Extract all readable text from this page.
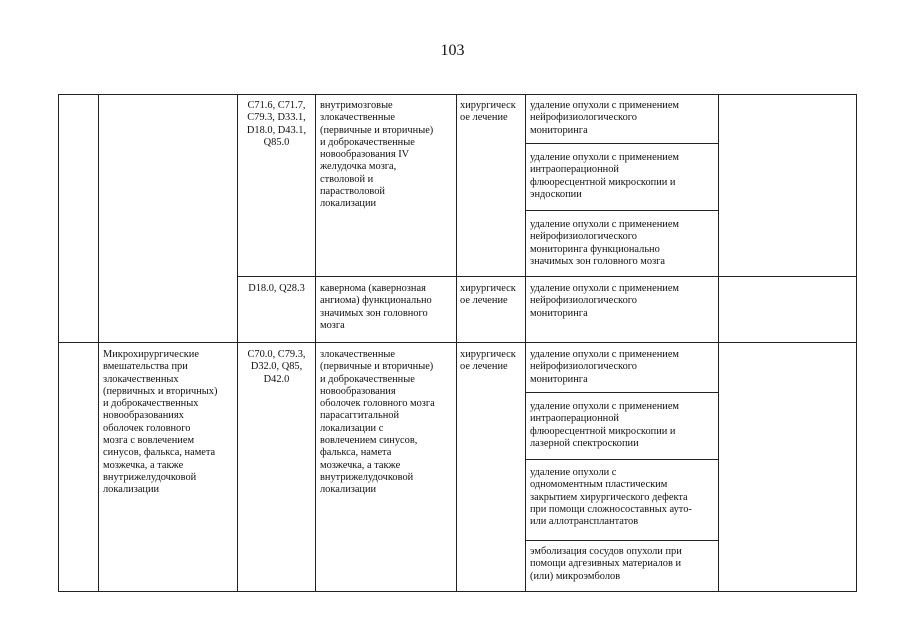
103
C71.6, C71.7,
C79.3, D33.1,
D18.0, D43.1,
Q85.0
внутримозговые
злокачественные
(первичные и вторичные)
и доброкачественные
новообразования IV
желудочка мозга,
стволовой и
парастволовой
локализации
хирургическ
ое лечение
удаление опухоли с применением
нейрофизиологического
мониторинга
удаление опухоли с применением
интраоперационной
флюоресцентной микроскопии и
эндоскопии
удаление опухоли с применением
нейрофизиологического
мониторинга функционально
значимых зон головного мозга
D18.0, Q28.3	кавернома (кавернозная
ангиома) функционально
значимых зон головного
мозга
хирургическ
ое лечение
удаление опухоли с применением
нейрофизиологического
мониторинга
Микрохирургические
вмешательства при
злокачественных
(первичных и вторичных)
и доброкачественных
новообразованиях
оболочек головного
мозга с вовлечением
синусов, фалькса, намета
мозжечка, а также
внутрижелудочковой
локализации
C70.0, C79.3,
D32.0, Q85,
D42.0
злокачественные
(первичные и вторичные)
и доброкачественные
новообразования
оболочек головного мозга
парасаггитальной
локализации с
вовлечением синусов,
фалькса, намета
мозжечка, а также
внутрижелудочковой
локализации
хирургическ
ое лечение
удаление опухоли с применением
нейрофизиологического
мониторинга
удаление опухоли с применением
интраоперационной
флюоресцентной микроскопии и
лазерной спектроскопии
удаление опухоли с
одномоментным пластическим
закрытием хирургического дефекта
при помощи сложносоставных ауто-
или аллотрансплантатов
эмболизация сосудов опухоли при
помощи адгезивных материалов и
(или) микроэмболов
